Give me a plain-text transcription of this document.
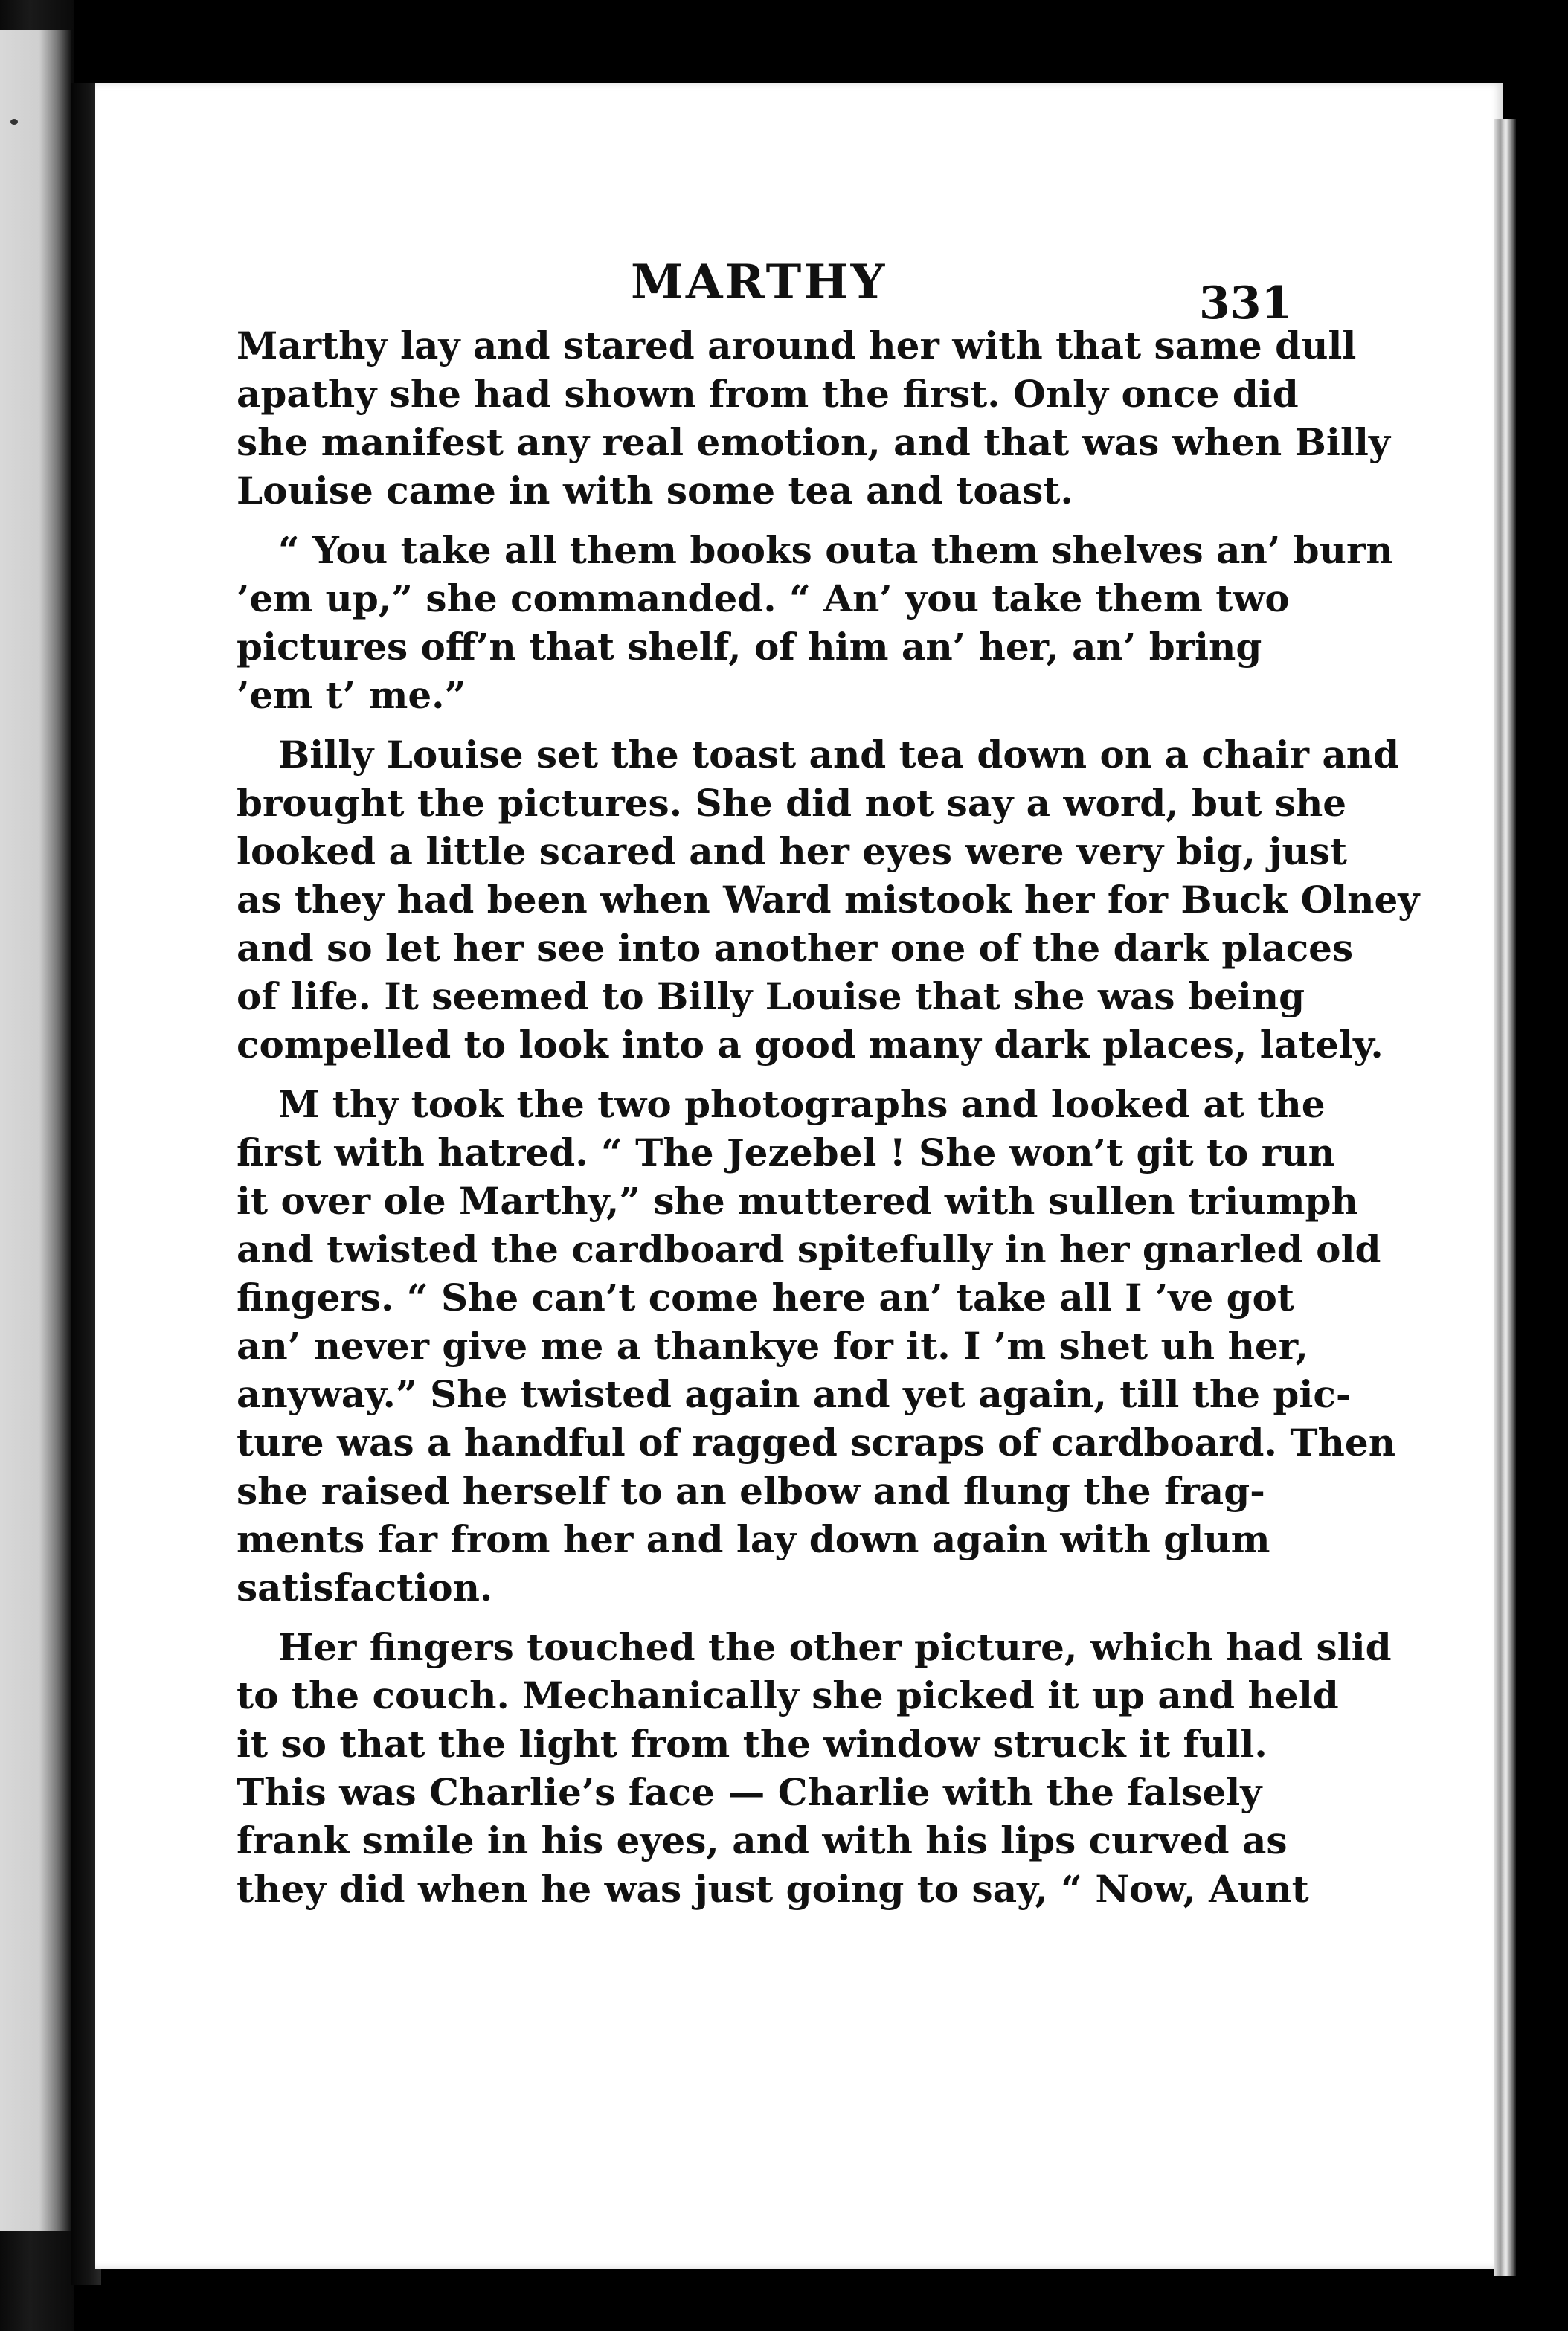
MARTHY	331
Marthy lay and stared around her with that same dull
apathy she had shown from the first. Only once did
she manifest any real emotion, and that was when Billy
Louise came in with some tea and toast.
“ You take all them books outa them shelves an’ burn
’em up,” she commanded. “ An’ you take them two
pictures off’n that shelf, of him an’ her, an’ bring
’em t’ me.”
Billy Louise set the toast and tea down on a chair and
brought the pictures. She did not say a word, but she
looked a little scared and her eyes were very big, just
as they had been when Ward mistook her for Buck Olney
and so let her see into another one of the dark places
of life. It seemed to Billy Louise that she was being
compelled to look into a good many dark places, lately.
M thy took the two photographs and looked at the
first with hatred. “ The Jezebel ! She won’t git to run
it over ole Marthy,” she muttered with sullen triumph
and twisted the cardboard spitefully in her gnarled old
fingers. “ She can’t come here an’ take all I ’ve got
an’ never give me a thankye for it. I ’m shet uh her,
anyway.” She twisted again and yet again, till the pic-
ture was a handful of ragged scraps of cardboard. Then
she raised herself to an elbow and flung the frag-
ments far from her and lay down again with glum
satisfaction.
Her fingers touched the other picture, which had slid
to the couch. Mechanically she picked it up and held
it so that the light from the window struck it full.
This was Charlie’s face — Charlie with the falsely
frank smile in his eyes, and with his lips curved as
they did when he was just going to say, “ Now, Aunt
